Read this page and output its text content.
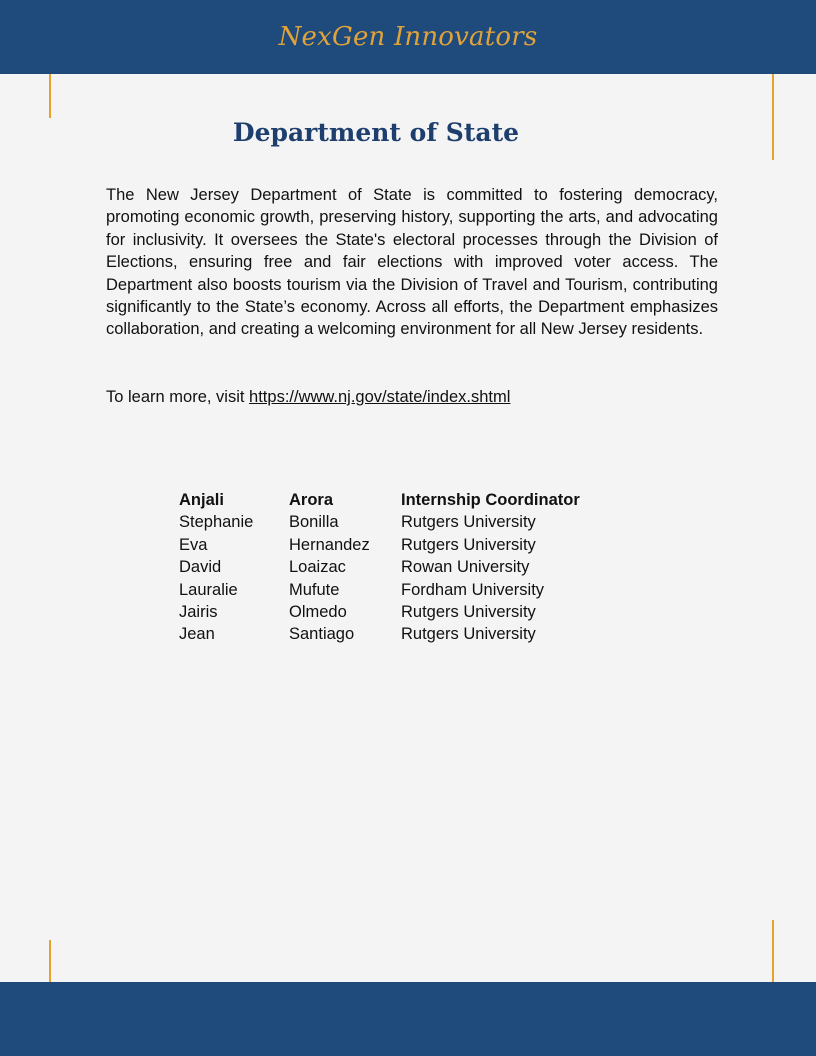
NexGen Innovators
Department of State

The New Jersey Department of State is committed to fostering democracy, promoting economic growth, preserving history, supporting the arts, and advocating for inclusivity. It oversees the State's electoral processes through the Division of Elections, ensuring free and fair elections with improved voter access. The Department also boosts tourism via the Division of Travel and Tourism, contributing significantly to the State’s economy. Across all efforts, the Department emphasizes collaboration, and creating a welcoming environment for all New Jersey residents.

To learn more, visit https://www.nj.gov/state/index.shtml

Anjali	Arora	Internship Coordinator
Stephanie	Bonilla	Rutgers University
Eva	Hernandez	Rutgers University
David	Loaizac	Rowan University
Lauralie	Mufute	Fordham University
Jairis	Olmedo	Rutgers University
Jean	Santiago	Rutgers University
